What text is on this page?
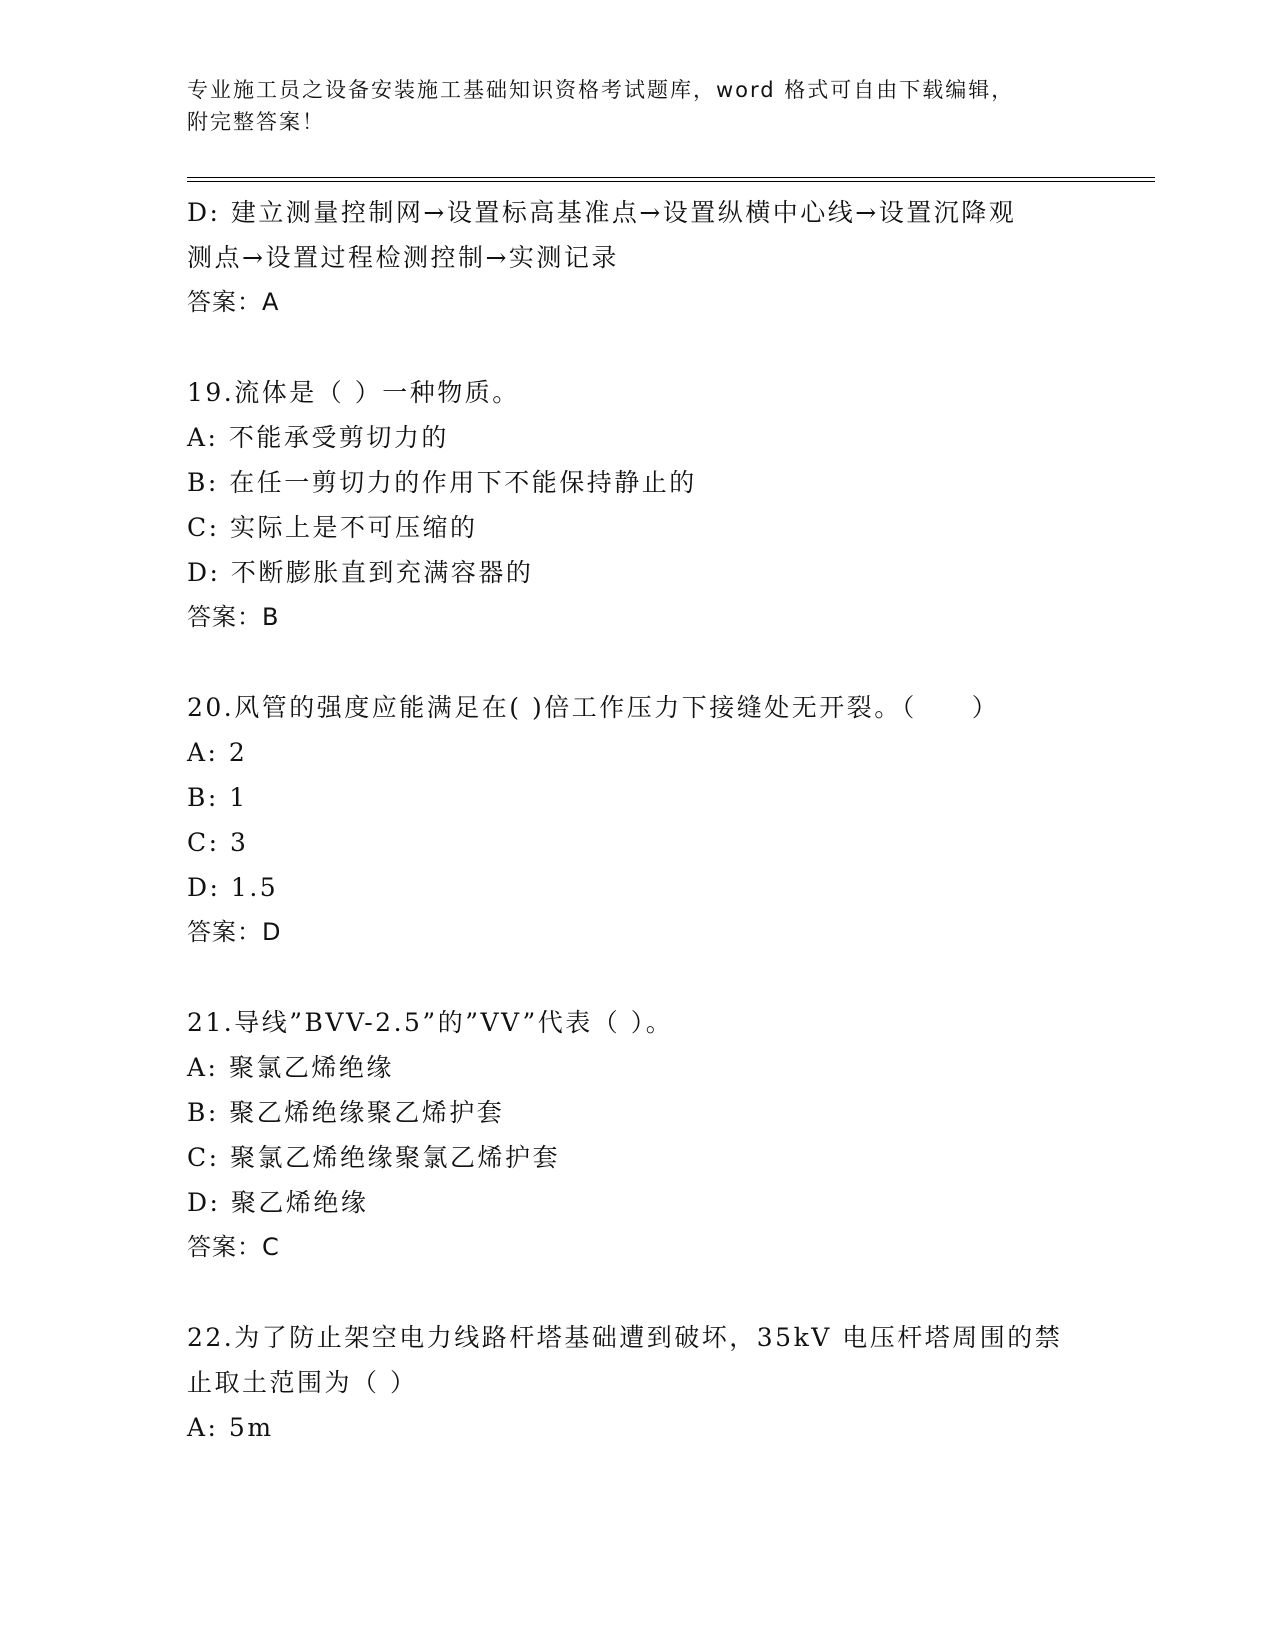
专业施工员之设备安装施工基础知识资格考试题库，word 格式可自由下载编辑，
附完整答案！
D: 建立测量控制网→设置标高基准点→设置纵横中心线→设置沉降观
测点→设置过程检测控制→实测记录
答案：A
19.流体是（ ）一种物质。
A: 不能承受剪切力的
B: 在任一剪切力的作用下不能保持静止的
C: 实际上是不可压缩的
D: 不断膨胀直到充满容器的
答案：B
20.风管的强度应能满足在( )倍工作压力下接缝处无开裂。（　　）
A: 2
B: 1
C: 3
D: 1.5
答案：D
21.导线”BVV-2.5”的”VV”代表（ ）。
A: 聚氯乙烯绝缘
B: 聚乙烯绝缘聚乙烯护套
C: 聚氯乙烯绝缘聚氯乙烯护套
D: 聚乙烯绝缘
答案：C
22.为了防止架空电力线路杆塔基础遭到破坏，35kV 电压杆塔周围的禁
止取土范围为（ ）
A: 5m
